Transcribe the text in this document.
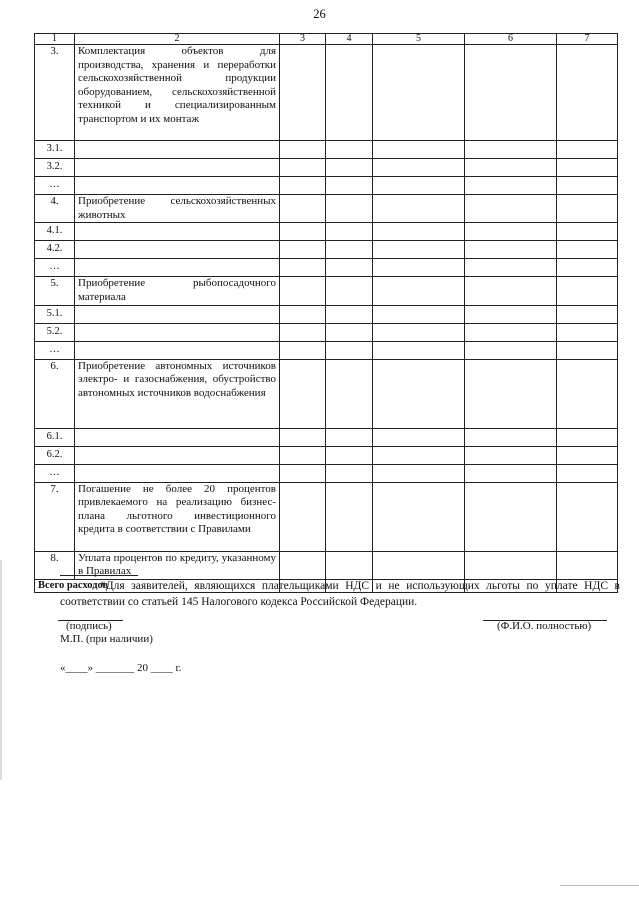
26
1	2	3	4	5	6	7
3.	Комплектация объектов для производства, хранения и переработки сельскохозяйственной продукции оборудованием, сельскохозяйственной техникой и специализированным транспортом и их монтаж					
3.1.						
3.2.						
…						
4.	Приобретение сельскохозяйственных животных					
4.1.						
4.2.						
…						
5.	Приобретение рыбопосадочного материала					
5.1.						
5.2.						
…						
6.	Приобретение автономных источников электро- и газоснабжения, обустройство автономных источников водоснабжения					
6.1.						
6.2.						
…						
7.	Погашение не более 20 процентов привлекаемого на реализацию бизнес-плана льготного инвестиционного кредита в соответствии с Правилами					
8.	Уплата процентов по кредиту, указанному в Правилах					
Всего расходов						
*Для заявителей, являющихся плательщиками НДС и не использующих льготы по уплате НДС в соответствии со статьей 145 Налогового кодекса Российской Федерации.
(подпись)	(Ф.И.О. полностью)
М.П. (при наличии)
«____» _______ 20 ____ г.
